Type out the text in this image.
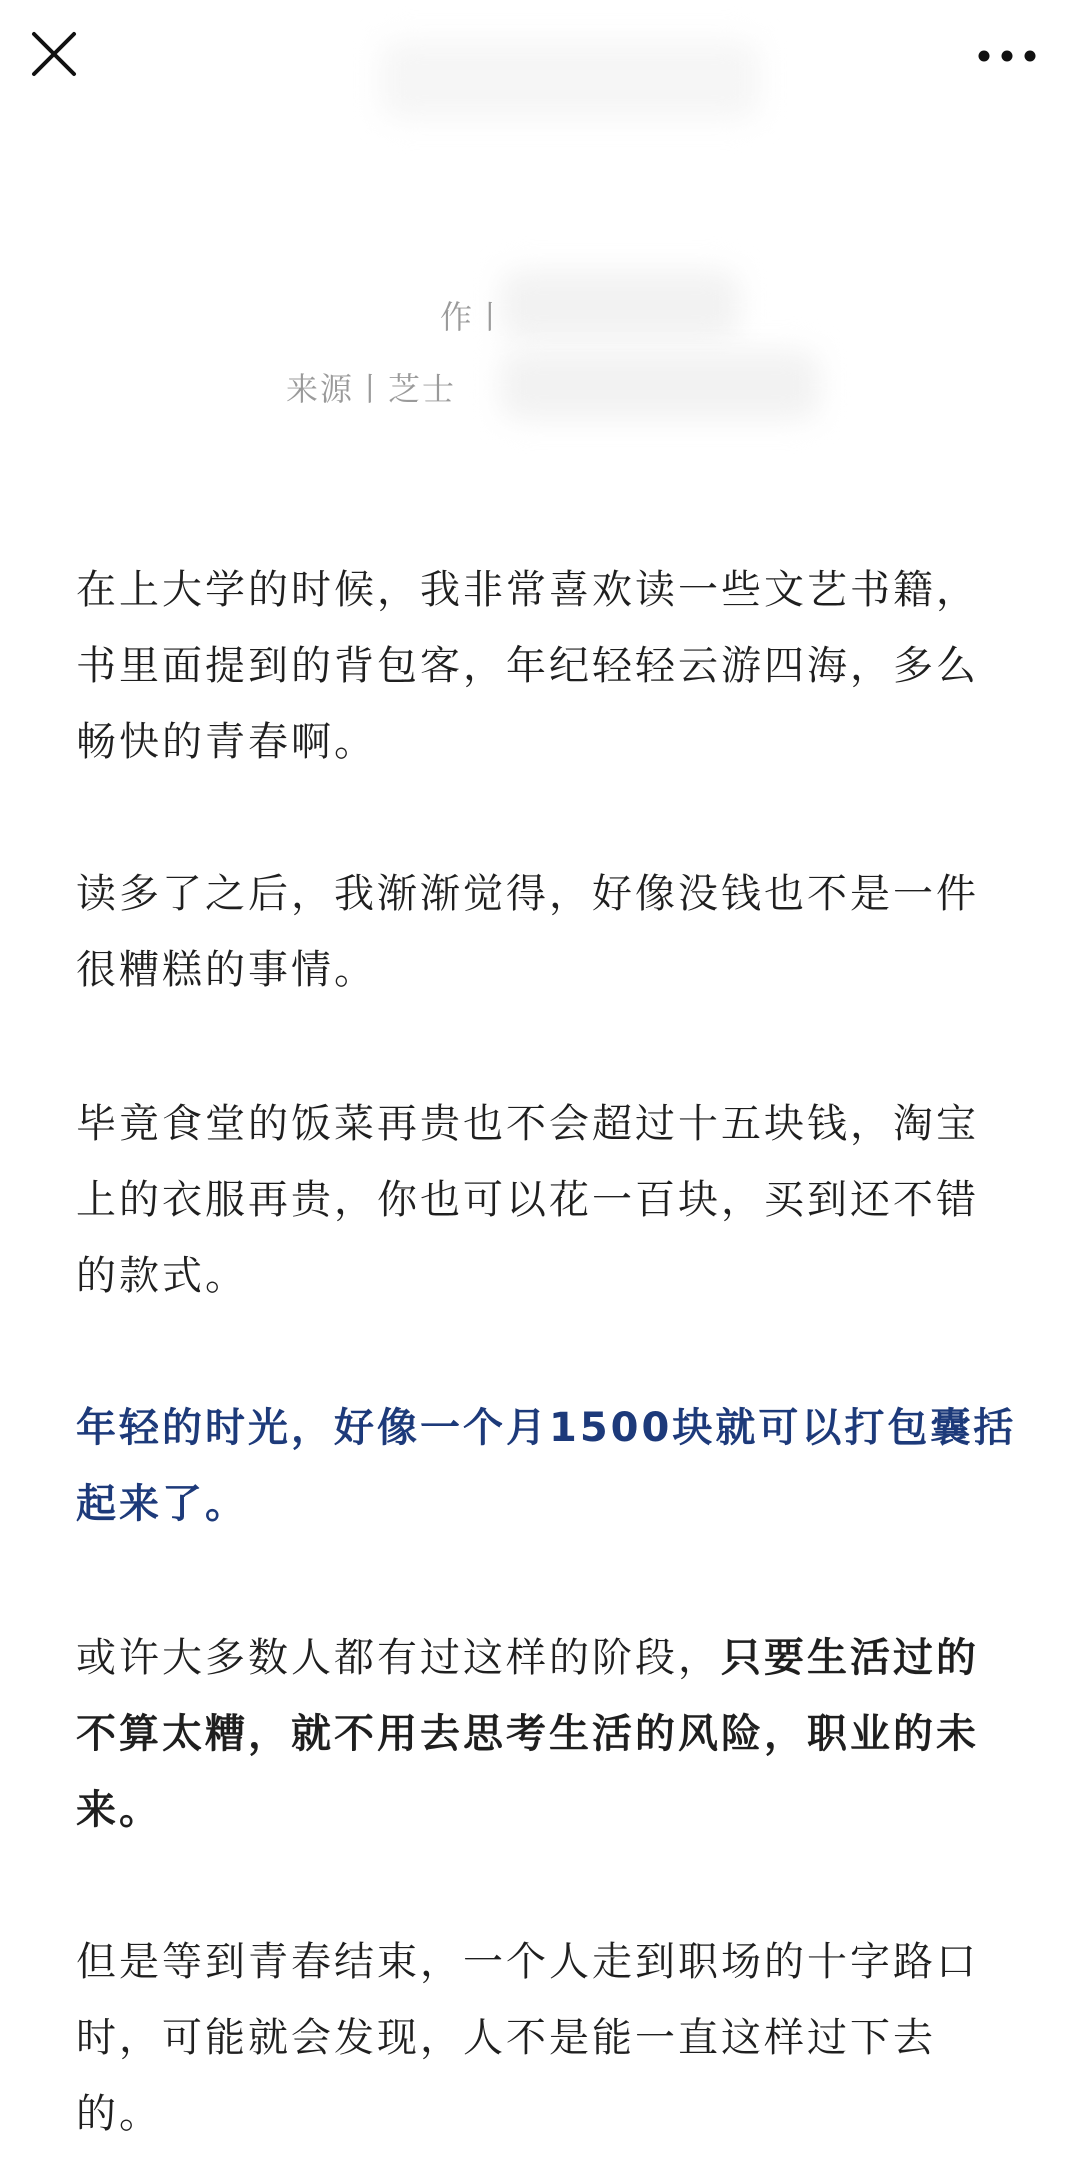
作丨
来源丨芝士‌
在上大学的时候，我非常喜欢读一些文艺书籍，
书里面提到的背包客，年纪轻轻云游四海，多么
畅快的青春啊。
读多了之后，我渐渐觉得，好像没钱也不是一件
很糟糕的事情。
毕竟食堂的饭菜再贵也不会超过十五块钱，淘宝
上的衣服再贵，你也可以花一百块，买到还不错
的款式。
年轻的时光，好像一个月1500块就可以打包囊括
起来了。
或许大多数人都有过这样的阶段，只要生活过的
不算太糟，就不用去思考生活的风险，职业的未
来。
但是等到青春结束，一个人走到职场的十字路口
时，可能就会发现，人不是能一直这样过下去
的。
